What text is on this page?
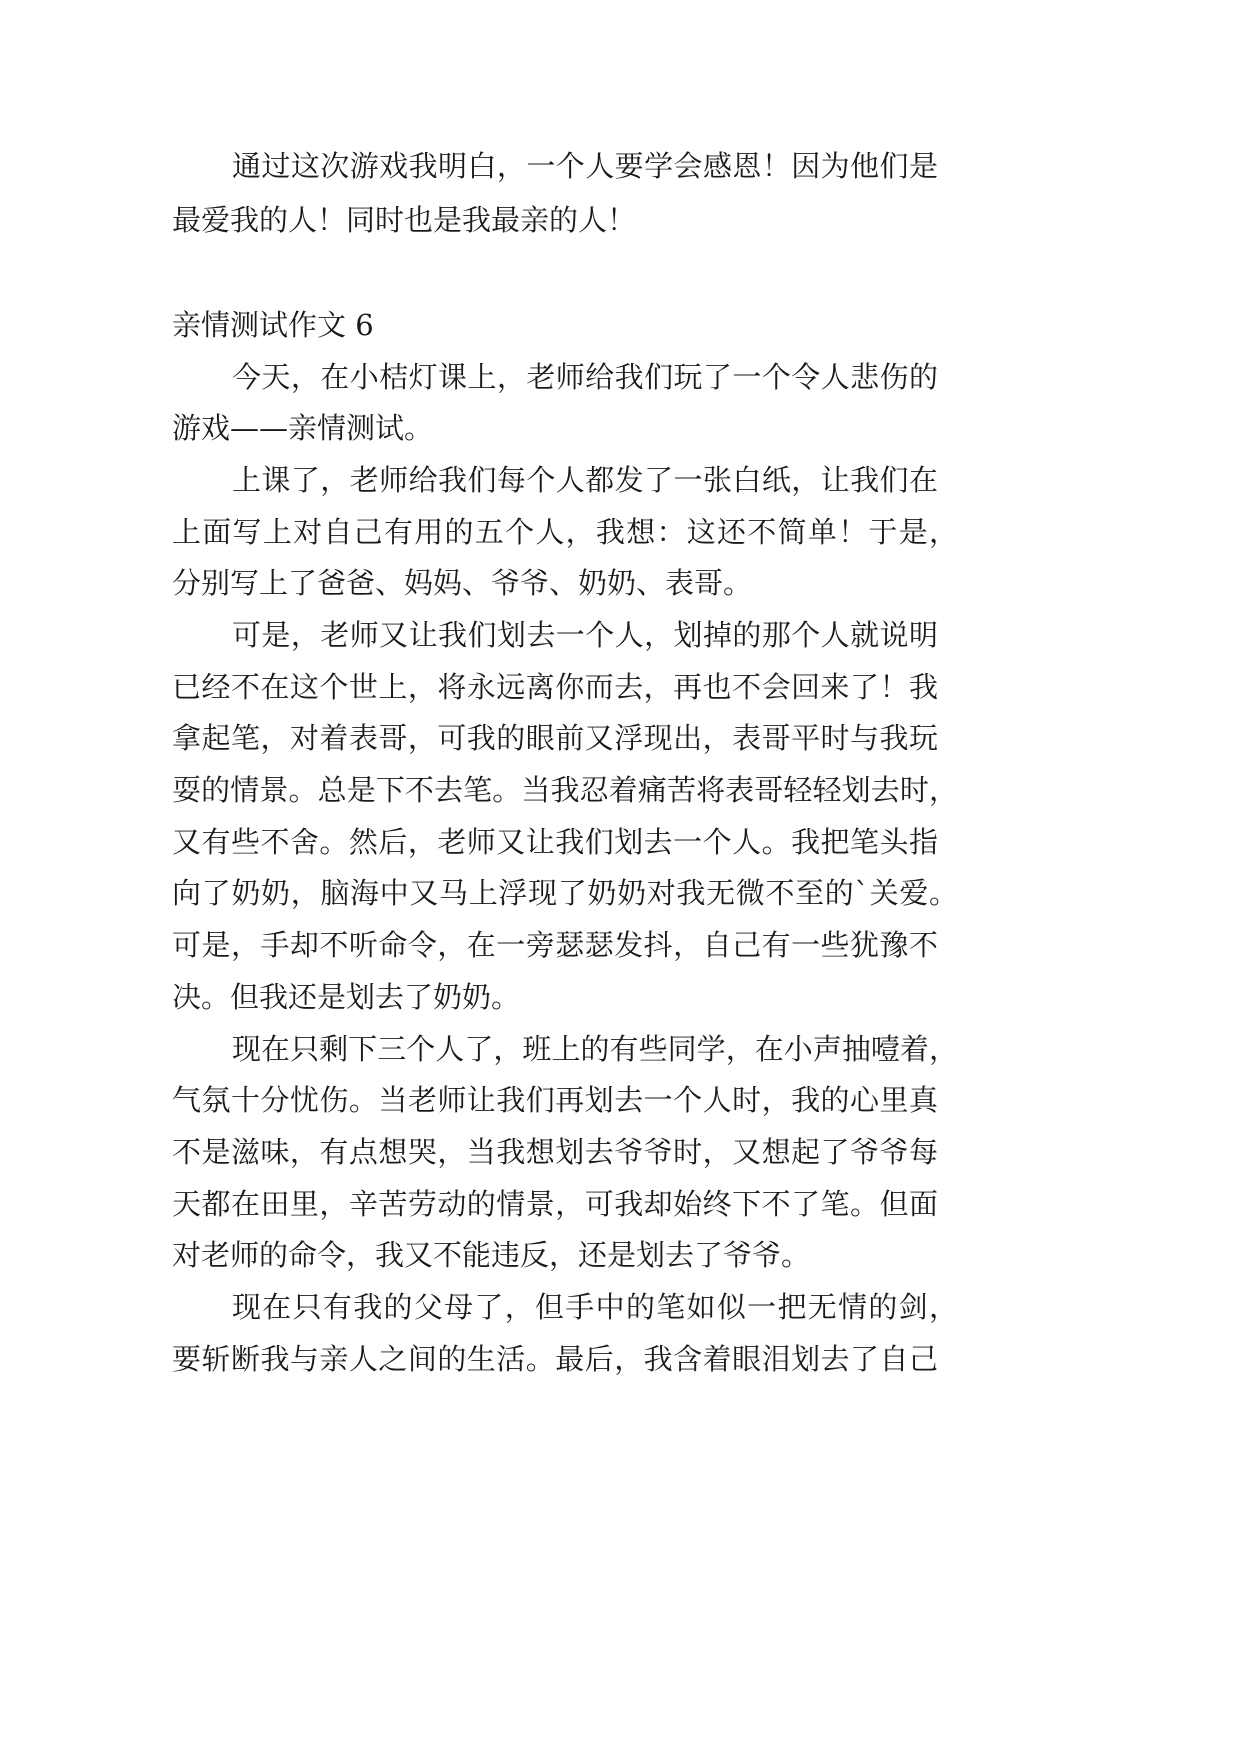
通过这次游戏我明白，一个人要学会感恩！因为他们是
最爱我的人！同时也是我最亲的人！
亲情测试作文 6
今天，在小桔灯课上，老师给我们玩了一个令人悲伤的
游戏——亲情测试。
上课了，老师给我们每个人都发了一张白纸，让我们在
上面写上对自己有用的五个人，我想：这还不简单！于是，
分别写上了爸爸、妈妈、爷爷、奶奶、表哥。
可是，老师又让我们划去一个人，划掉的那个人就说明
已经不在这个世上，将永远离你而去，再也不会回来了！我
拿起笔，对着表哥，可我的眼前又浮现出，表哥平时与我玩
耍的情景。总是下不去笔。当我忍着痛苦将表哥轻轻划去时，
又有些不舍。然后，老师又让我们划去一个人。我把笔头指
向了奶奶，脑海中又马上浮现了奶奶对我无微不至的`关爱。
可是，手却不听命令，在一旁瑟瑟发抖，自己有一些犹豫不
决。但我还是划去了奶奶。
现在只剩下三个人了，班上的有些同学，在小声抽噎着，
气氛十分忧伤。当老师让我们再划去一个人时，我的心里真
不是滋味，有点想哭，当我想划去爷爷时，又想起了爷爷每
天都在田里，辛苦劳动的情景，可我却始终下不了笔。但面
对老师的命令，我又不能违反，还是划去了爷爷。
现在只有我的父母了，但手中的笔如似一把无情的剑，
要斩断我与亲人之间的生活。最后，我含着眼泪划去了自己
